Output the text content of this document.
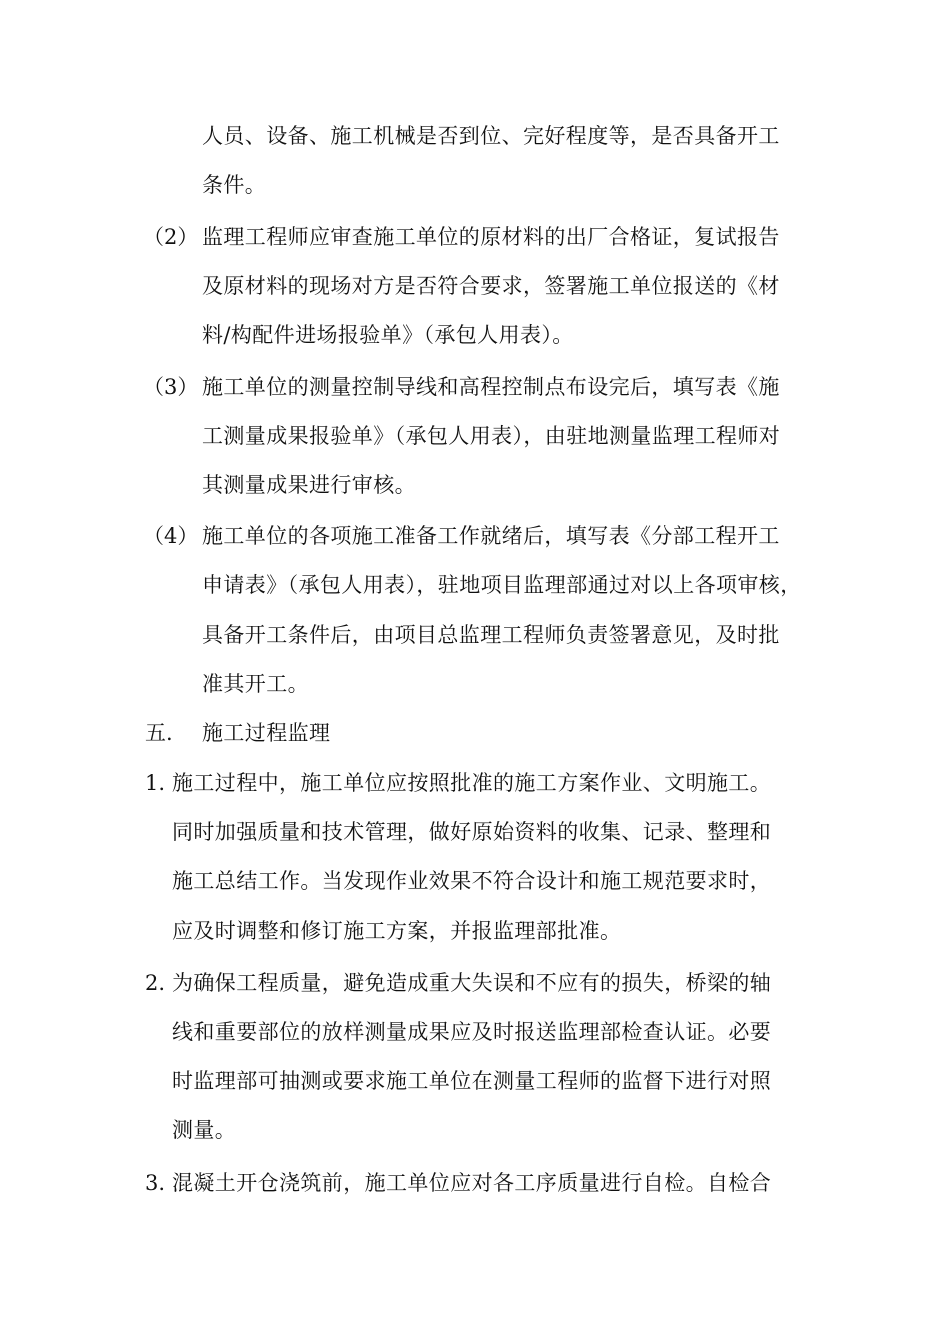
人员、设备、施工机械是否到位、完好程度等，是否具备开工
条件。
（2） 监理工程师应审查施工单位的原材料的出厂合格证，复试报告
及原材料的现场对方是否符合要求，签署施工单位报送的《材
料/构配件进场报验单》（承包人用表）。
（3） 施工单位的测量控制导线和高程控制点布设完后，填写表《施
工测量成果报验单》（承包人用表），由驻地测量监理工程师对
其测量成果进行审核。
（4） 施工单位的各项施工准备工作就绪后，填写表《分部工程开工
申请表》（承包人用表），驻地项目监理部通过对以上各项审核，
具备开工条件后，由项目总监理工程师负责签署意见，及时批
准其开工。
五. 施工过程监理
1. 施工过程中，施工单位应按照批准的施工方案作业、文明施工。
同时加强质量和技术管理，做好原始资料的收集、记录、整理和
施工总结工作。当发现作业效果不符合设计和施工规范要求时，
应及时调整和修订施工方案，并报监理部批准。
2. 为确保工程质量，避免造成重大失误和不应有的损失，桥梁的轴
线和重要部位的放样测量成果应及时报送监理部检查认证。必要
时监理部可抽测或要求施工单位在测量工程师的监督下进行对照
测量。
3. 混凝土开仓浇筑前，施工单位应对各工序质量进行自检。自检合
